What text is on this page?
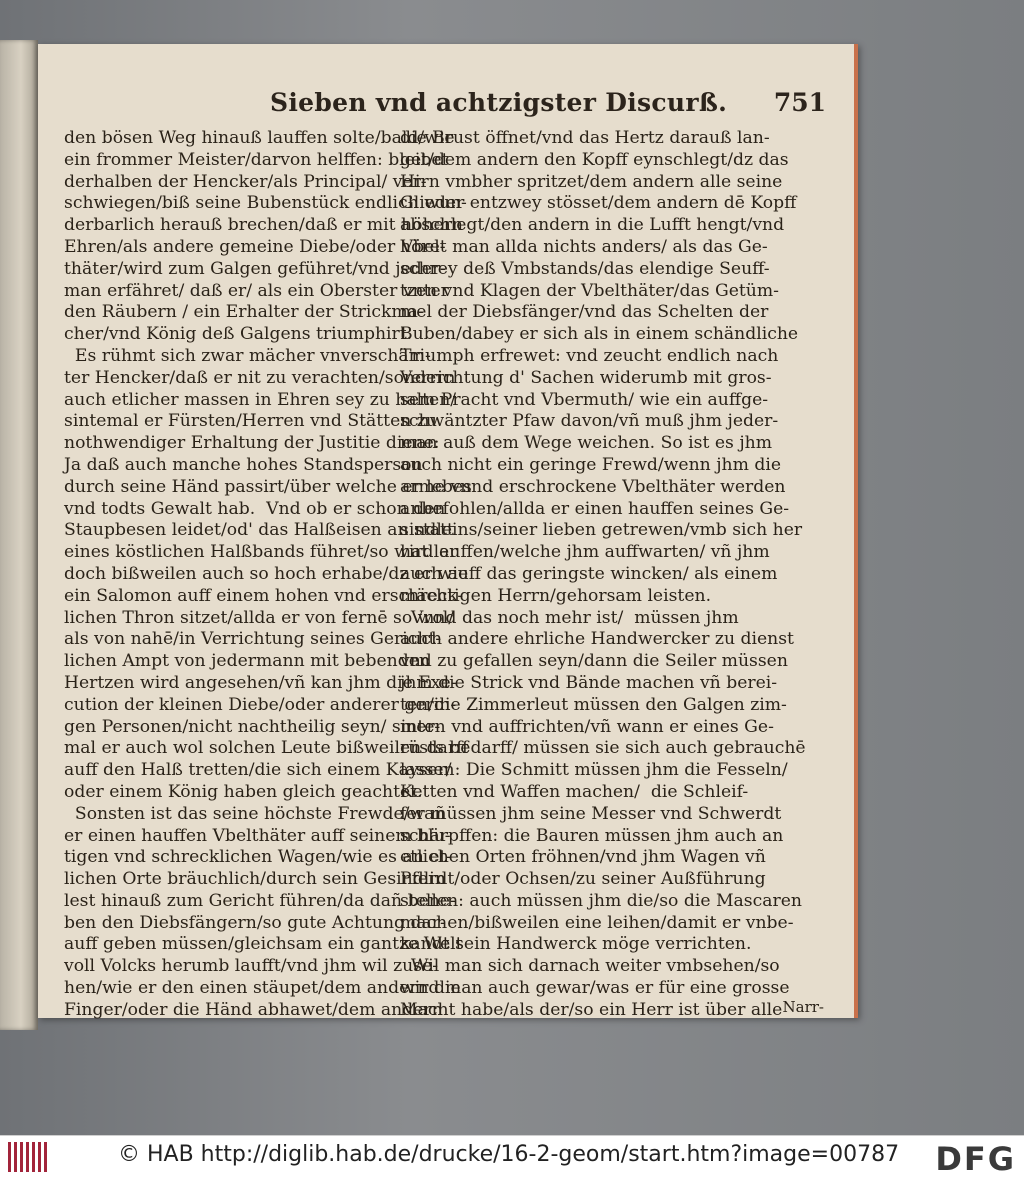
Sieben vnd achtzigster Discurß. 751
den bösen Weg hinauß lauffen solte/bald/wie
ein frommer Meister/darvon helffen: bleibet
derhalben der Hencker/als Principal/ ver-
schwiegen/biß seine Bubenstück endlich wun-
derbarlich herauß brechen/daß er mit höhern
Ehren/als andere gemeine Diebe/oder Vbel-
thäter/wird zum Galgen geführet/vnd jeder-
man erfähret/ daß er/ als ein Oberster vnter
den Räubern / ein Erhalter der Strickma-
cher/vnd König deß Galgens triumphirt.
Es rühmt sich zwar mächer vnverschäm-
ter Hencker/daß er nit zu verachten/sondern
auch etlicher massen in Ehren sey zu halten/
sintemal er Fürsten/Herren vnd Stätten zu
nothwendiger Erhaltung der Justitie diene:
Ja daß auch manche hohes Standsperson
durch seine Händ passirt/über welche er lebes
vnd todts Gewalt hab.  Vnd ob er schon den
Staupbesen leidet/od' das Halßeisen an statt
eines köstlichen Halßbands führet/so wird er
doch bißweilen auch so hoch erhabe/dz er wie
ein Salomon auff einem hohen vnd erschreck-
lichen Thron sitzet/allda er von fernē so wol/
als von nahē/in Verrichtung seines Gericht-
lichen Ampt von jedermann mit bebenden
Hertzen wird angesehen/vñ kan jhm die Exe-
cution der kleinen Diebe/oder anderer gerin-
gen Personen/nicht nachtheilig seyn/ sinte-
mal er auch wol solchen Leute bißweilen darff
auff den Halß tretten/die sich einem Kayser/
oder einem König haben gleich geachtet.
Sonsten ist das seine höchste Frewde/wañ
er einen hauffen Vbelthäter auff seinem blu-
tigen vnd schrecklichen Wagen/wie es an et-
lichen Orte bräuchlich/durch sein Gesindlin
lest hinauß zum Gericht führen/da dañ bene-
ben den Diebsfängern/so gute Achtung dar-
auff geben müssen/gleichsam ein gantze Welt
voll Volcks herumb laufft/vnd jhm wil zuse-
hen/wie er den einen stäupet/dem andern die
Finger/oder die Händ abhawet/dem andern
die Brust öffnet/vnd das Hertz darauß lan-
get/dem andern den Kopff eynschlegt/dz das
Hirn vmbher spritzet/dem andern alle seine
Glieder entzwey stösset/dem andern dē Kopff
abschlegt/den andern in die Lufft hengt/vnd
höret man allda nichts anders/ als das Ge-
schrey deß Vmbstands/das elendige Seuff-
tzen vnd Klagen der Vbelthäter/das Getüm-
mel der Diebsfänger/vnd das Schelten der
Buben/dabey er sich als in einem schändliche
Triumph erfrewet: vnd zeucht endlich nach
Verrichtung d' Sachen widerumb mit gros-
sem Pracht vnd Vbermuth/ wie ein auffge-
schwäntzter Pfaw davon/vñ muß jhm jeder-
man auß dem Wege weichen. So ist es jhm
auch nicht ein geringe Frewd/wenn jhm die
arme vnnd erschrockene Vbelthäter werden
anbefohlen/allda er einen hauffen seines Ge-
sindleins/seiner lieben getrewen/vmb sich her
hat lauffen/welche jhm auffwarten/ vñ jhm
auch auff das geringste wincken/ als einem
mächtigen Herrn/gehorsam leisten.
Vnnd das noch mehr ist/  müssen jhm
auch andere ehrliche Handwercker zu dienst
vnd zu gefallen seyn/dann die Seiler müssen
jhm die Strick vnd Bände machen vñ berei-
ten/die Zimmerleut müssen den Galgen zim-
mern vnd auffrichten/vñ wann er eines Ge-
rüsts bedarff/ müssen sie sich auch gebrauchē
lassen: Die Schmitt müssen jhm die Fesseln/
Ketten vnd Waffen machen/  die Schleif-
fer müssen jhm seine Messer vnd Schwerdt
schärpffen: die Bauren müssen jhm auch an
etlichen Orten fröhnen/vnd jhm Wagen vñ
Pferdt/oder Ochsen/zu seiner Außführung
stellen: auch müssen jhm die/so die Mascaren
machen/bißweilen eine leihen/damit er vnbe-
kandt sein Handwerck möge verrichten.
Wil man sich darnach weiter vmbsehen/so
wird man auch gewar/was er für eine grosse
Macht habe/als der/so ein Herr ist über alle Narr-
© HAB http://diglib.hab.de/drucke/16-2-geom/start.htm?image=00787 DFG
